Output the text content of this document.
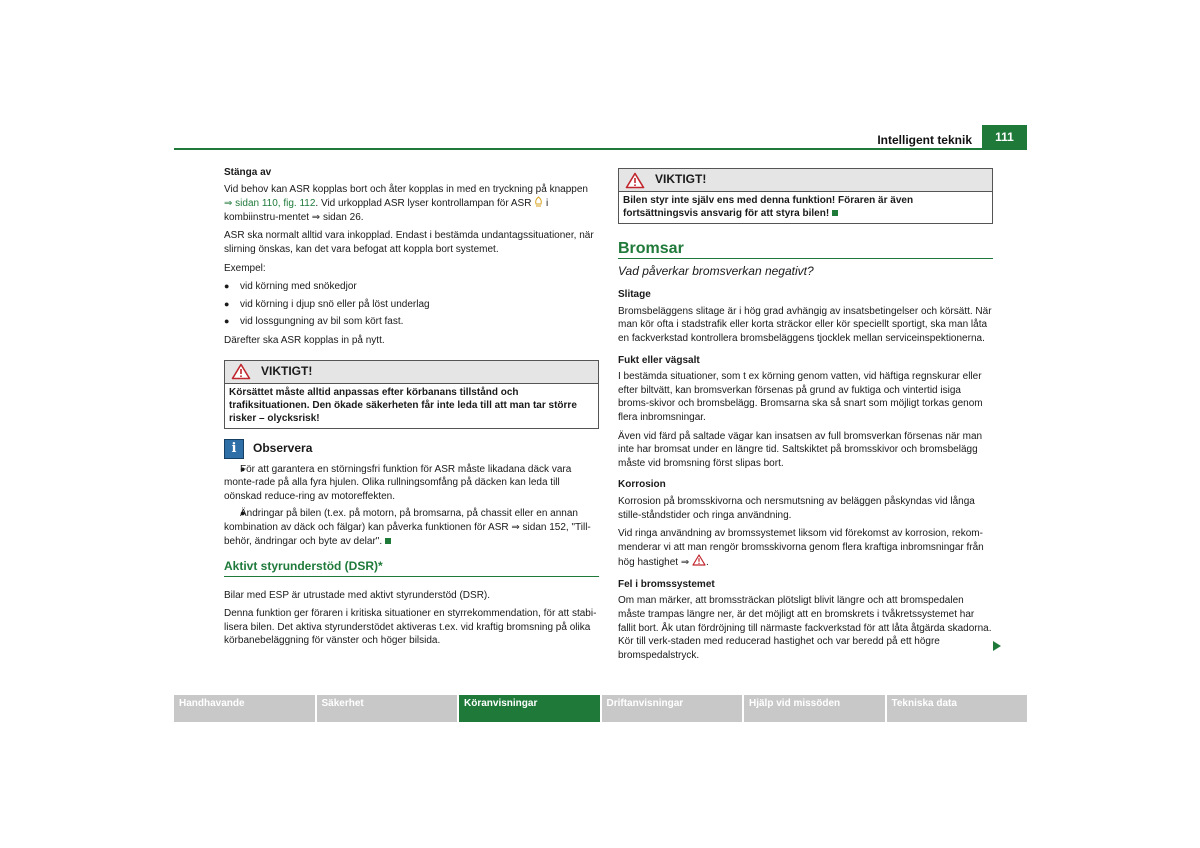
Intelligent teknik	111
Stänga av

Vid behov kan ASR kopplas bort och åter kopplas in med en tryckning på knappen ⇒ sidan 110, fig. 112. Vid urkopplad ASR lyser kontrollampan för ASR i kombiinstru-mentet ⇒ sidan 26.

ASR ska normalt alltid vara inkopplad. Endast i bestämda undantagssituationer, när slirning önskas, kan det vara befogat att koppla bort systemet.

Exempel:

● vid körning med snökedjor
● vid körning i djup snö eller på löst underlag
● vid lossgungning av bil som kört fast.

Därefter ska ASR kopplas in på nytt.

VIKTIGT!
Körsättet måste alltid anpassas efter körbanans tillstånd och trafiksituationen. Den ökade säkerheten får inte leda till att man tar större risker – olycksrisk!
i	Observera
● För att garantera en störningsfri funktion för ASR måste likadana däck vara monte-rade på alla fyra hjulen. Olika rullningsomfång på däcken kan leda till oönskad reduce-ring av motoreffekten.
● Ändringar på bilen (t.ex. på motorn, på bromsarna, på chassit eller en annan kombination av däck och fälgar) kan påverka funktionen för ASR ⇒ sidan 152, "Till-behör, ändringar och byte av delar".
Aktivt styrunderstöd (DSR)*

Bilar med ESP är utrustade med aktivt styrunderstöd (DSR).

Denna funktion ger föraren i kritiska situationer en styrrekommendation, för att stabi-lisera bilen. Det aktiva styrunderstödet aktiveras t.ex. vid kraftig bromsning på olika körbanebeläggning för vänster och höger bilsida.

VIKTIGT!
Bilen styr inte själv ens med denna funktion! Föraren är även fortsättningsvis ansvarig för att styra bilen!
Bromsar
Vad påverkar bromsverkan negativt?
Slitage

Bromsbeläggens slitage är i hög grad avhängig av insatsbetingelser och körsätt. När man kör ofta i stadstrafik eller korta sträckor eller kör speciellt sportigt, ska man låta en fackverkstad kontrollera bromsbeläggens tjocklek mellan serviceinspektionerna.

Fukt eller vägsalt

I bestämda situationer, som t ex körning genom vatten, vid häftiga regnskurar eller efter biltvätt, kan bromsverkan försenas på grund av fuktiga och vintertid isiga broms-skivor och bromsbelägg. Bromsarna ska så snart som möjligt torkas genom flera inbromsningar.

Även vid färd på saltade vägar kan insatsen av full bromsverkan försenas när man inte har bromsat under en längre tid. Saltskiktet på bromsskivor och bromsbelägg måste vid bromsning först slipas bort.

Korrosion

Korrosion på bromsskivorna och nersmutsning av beläggen påskyndas vid långa stille-ståndstider och ringa användning.

Vid ringa användning av bromssystemet liksom vid förekomst av korrosion, rekom-menderar vi att man rengör bromsskivorna genom flera kraftiga inbromsningar från hög hastighet ⇒ .

Fel i bromssystemet

Om man märker, att bromssträckan plötsligt blivit längre och att bromspedalen måste trampas längre ner, är det möjligt att en bromskrets i tvåkretssystemet har fallit bort. Åk utan fördröjning till närmaste fackverkstad för att låta åtgärda skadorna. Kör till verk-staden med reducerad hastighet och var beredd på ett högre bromspedalstryck.

Handhavande	Säkerhet	Köranvisningar	Driftanvisningar	Hjälp vid missöden	Tekniska data
